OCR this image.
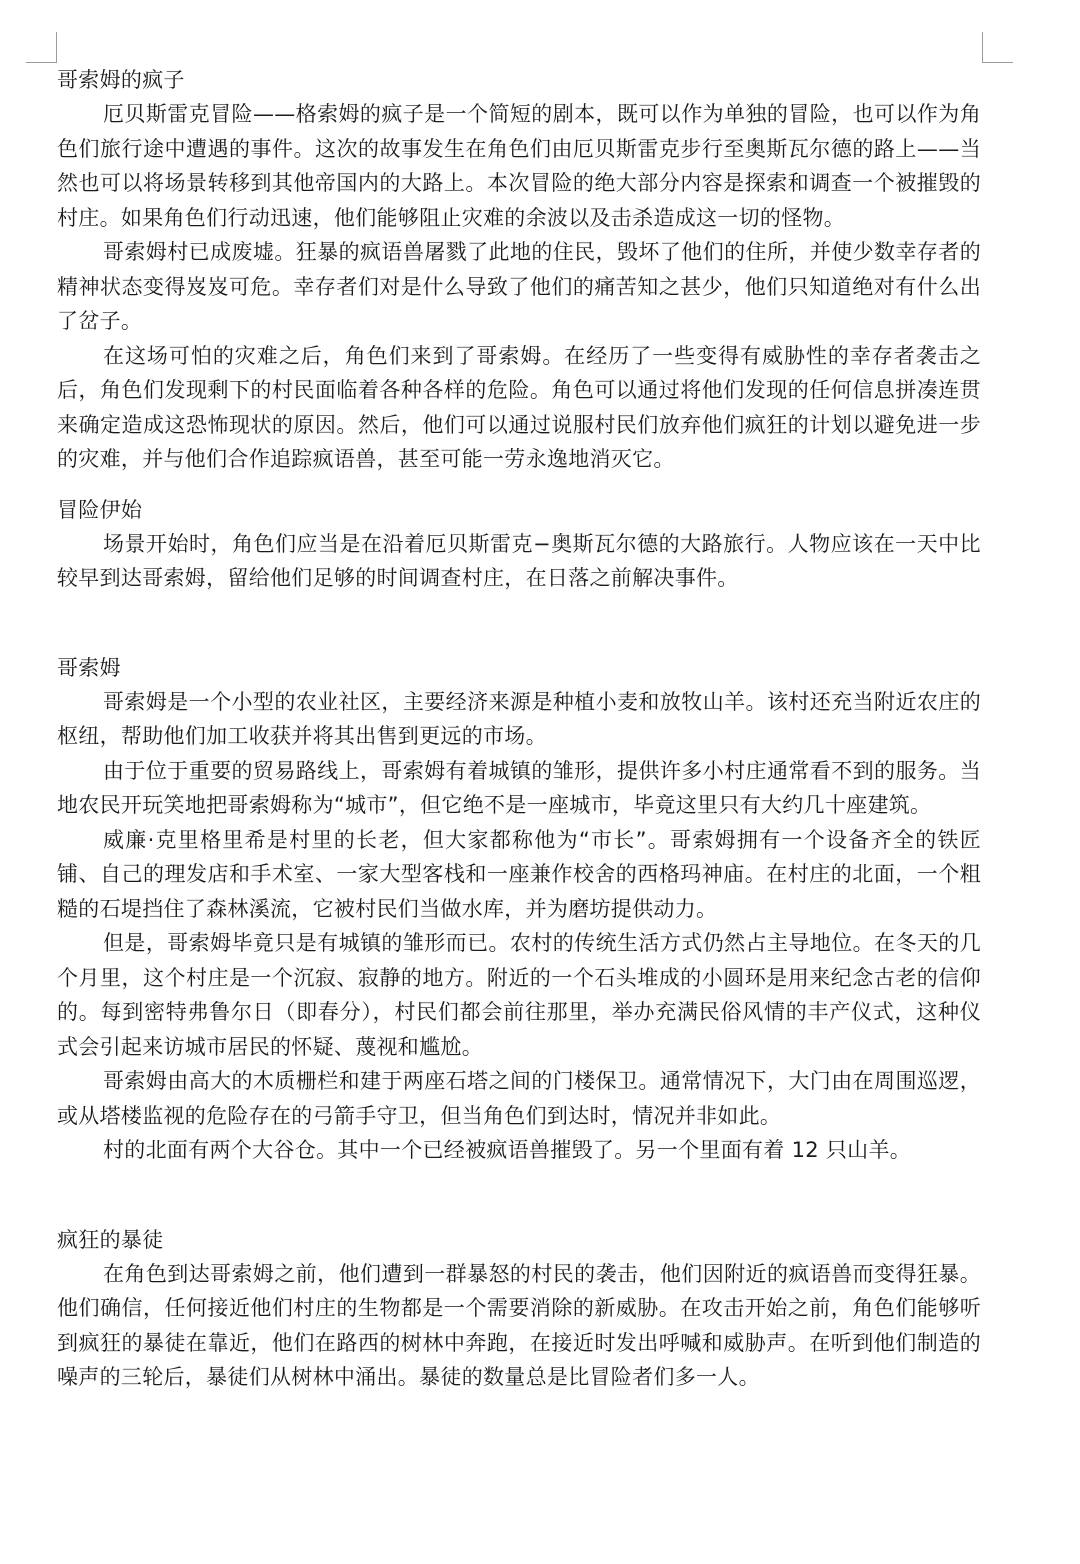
哥索姆的疯子

厄贝斯雷克冒险——格索姆的疯子是一个简短的剧本，既可以作为单独的冒险，也可以作为角色们旅行途中遭遇的事件。这次的故事发生在角色们由厄贝斯雷克步行至奥斯瓦尔德的路上——当然也可以将场景转移到其他帝国内的大路上。本次冒险的绝大部分内容是探索和调查一个被摧毁的村庄。如果角色们行动迅速，他们能够阻止灾难的余波以及击杀造成这一切的怪物。

哥索姆村已成废墟。狂暴的疯语兽屠戮了此地的住民，毁坏了他们的住所，并使少数幸存者的精神状态变得岌岌可危。幸存者们对是什么导致了他们的痛苦知之甚少，他们只知道绝对有什么出了岔子。

在这场可怕的灾难之后，角色们来到了哥索姆。在经历了一些变得有威胁性的幸存者袭击之后，角色们发现剩下的村民面临着各种各样的危险。角色可以通过将他们发现的任何信息拼凑连贯来确定造成这恐怖现状的原因。然后，他们可以通过说服村民们放弃他们疯狂的计划以避免进一步的灾难，并与他们合作追踪疯语兽，甚至可能一劳永逸地消灭它。

冒险伊始

场景开始时，角色们应当是在沿着厄贝斯雷克−奥斯瓦尔德的大路旅行。人物应该在一天中比较早到达哥索姆，留给他们足够的时间调查村庄，在日落之前解决事件。

哥索姆

哥索姆是一个小型的农业社区，主要经济来源是种植小麦和放牧山羊。该村还充当附近农庄的枢纽，帮助他们加工收获并将其出售到更远的市场。

由于位于重要的贸易路线上，哥索姆有着城镇的雏形，提供许多小村庄通常看不到的服务。当地农民开玩笑地把哥索姆称为“城市”，但它绝不是一座城市，毕竟这里只有大约几十座建筑。

威廉·克里格里希是村里的长老，但大家都称他为“市长”。哥索姆拥有一个设备齐全的铁匠铺、自己的理发店和手术室、一家大型客栈和一座兼作校舍的西格玛神庙。在村庄的北面，一个粗糙的石堤挡住了森林溪流，它被村民们当做水库，并为磨坊提供动力。

但是，哥索姆毕竟只是有城镇的雏形而已。农村的传统生活方式仍然占主导地位。在冬天的几个月里，这个村庄是一个沉寂、寂静的地方。附近的一个石头堆成的小圆环是用来纪念古老的信仰的。每到密特弗鲁尔日（即春分），村民们都会前往那里，举办充满民俗风情的丰产仪式，这种仪式会引起来访城市居民的怀疑、蔑视和尴尬。

哥索姆由高大的木质栅栏和建于两座石塔之间的门楼保卫。通常情况下，大门由在周围巡逻，或从塔楼监视的危险存在的弓箭手守卫，但当角色们到达时，情况并非如此。

村的北面有两个大谷仓。其中一个已经被疯语兽摧毁了。另一个里面有着 12 只山羊。

疯狂的暴徒

在角色到达哥索姆之前，他们遭到一群暴怒的村民的袭击，他们因附近的疯语兽而变得狂暴。他们确信，任何接近他们村庄的生物都是一个需要消除的新威胁。在攻击开始之前，角色们能够听到疯狂的暴徒在靠近，他们在路西的树林中奔跑，在接近时发出呼喊和威胁声。在听到他们制造的噪声的三轮后，暴徒们从树林中涌出。暴徒的数量总是比冒险者们多一人。
